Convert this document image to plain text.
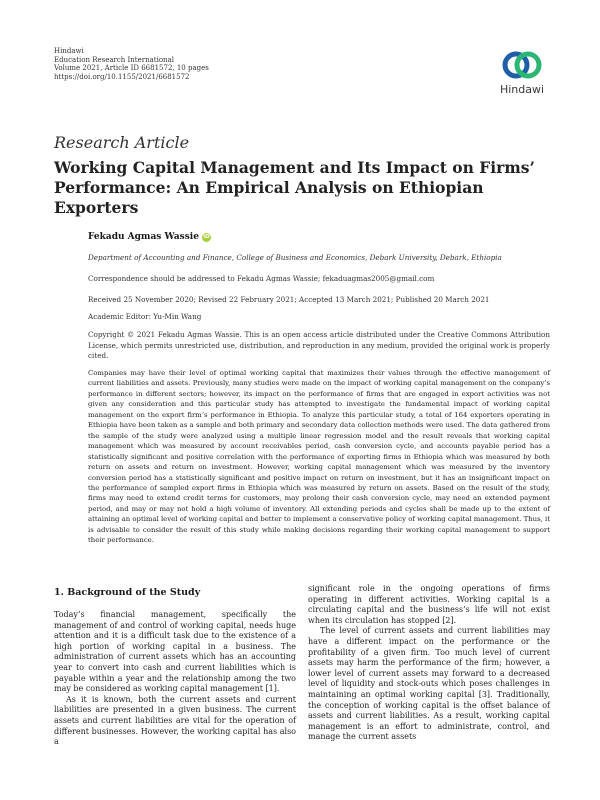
Hindawi
Education Research International
Volume 2021, Article ID 6681572, 10 pages
https://doi.org/10.1155/2021/6681572
Hindawi
Research Article
Working Capital Management and Its Impact on Firms’ Performance: An Empirical Analysis on Ethiopian Exporters
Fekadu Agmas Wassie iD
Department of Accounting and Finance, College of Business and Economics, Debark University, Debark, Ethiopia
Correspondence should be addressed to Fekadu Agmas Wassie; fekaduagmas2005@gmail.com
Received 25 November 2020; Revised 22 February 2021; Accepted 13 March 2021; Published 20 March 2021
Academic Editor: Yu-Min Wang
Copyright © 2021 Fekadu Agmas Wassie. This is an open access article distributed under the Creative Commons Attribution License, which permits unrestricted use, distribution, and reproduction in any medium, provided the original work is properly cited.
Companies may have their level of optimal working capital that maximizes their values through the effective management of current liabilities and assets. Previously, many studies were made on the impact of working capital management on the company’s performance in different sectors; however, its impact on the performance of firms that are engaged in export activities was not given any consideration and this particular study has attempted to investigate the fundamental impact of working capital management on the export firm’s performance in Ethiopia. To analyze this particular study, a total of 164 exporters operating in Ethiopia have been taken as a sample and both primary and secondary data collection methods were used. The data gathered from the sample of the study were analyzed using a multiple linear regression model and the result reveals that working capital management which was measured by account receivables period, cash conversion cycle, and accounts payable period has a statistically significant and positive correlation with the performance of exporting firms in Ethiopia which was measured by both return on assets and return on investment. However, working capital management which was measured by the inventory conversion period has a statistically significant and positive impact on return on investment, but it has an insignificant impact on the performance of sampled export firms in Ethiopia which was measured by return on assets. Based on the result of the study, firms may need to extend credit terms for customers, may prolong their cash conversion cycle, may need an extended payment period, and may or may not hold a high volume of inventory. All extending periods and cycles shall be made up to the extent of attaining an optimal level of working capital and better to implement a conservative policy of working capital management. Thus, it is advisable to consider the result of this study while making decisions regarding their working capital management to support their performance.
1. Background of the Study

Today’s financial management, specifically the management of and control of working capital, needs huge attention and it is a difficult task due to the existence of a high portion of working capital in a business. The administration of current assets which has an accounting year to convert into cash and current liabilities which is payable within a year and the relationship among the two may be considered as working capital management [1].

As it is known, both the current assets and current liabilities are presented in a given business. The current assets and current liabilities are vital for the operation of different businesses. However, the working capital has also a

significant role in the ongoing operations of firms operating in different activities. Working capital is a circulating capital and the business’s life will not exist when its circulation has stopped [2].

The level of current assets and current liabilities may have a different impact on the performance or the profitability of a given firm. Too much level of current assets may harm the performance of the firm; however, a lower level of current assets may forward to a decreased level of liquidity and stock-outs which poses challenges in maintaining an optimal working capital [3]. Traditionally, the conception of working capital is the offset balance of assets and current liabilities. As a result, working capital management is an effort to administrate, control, and manage the current assets
